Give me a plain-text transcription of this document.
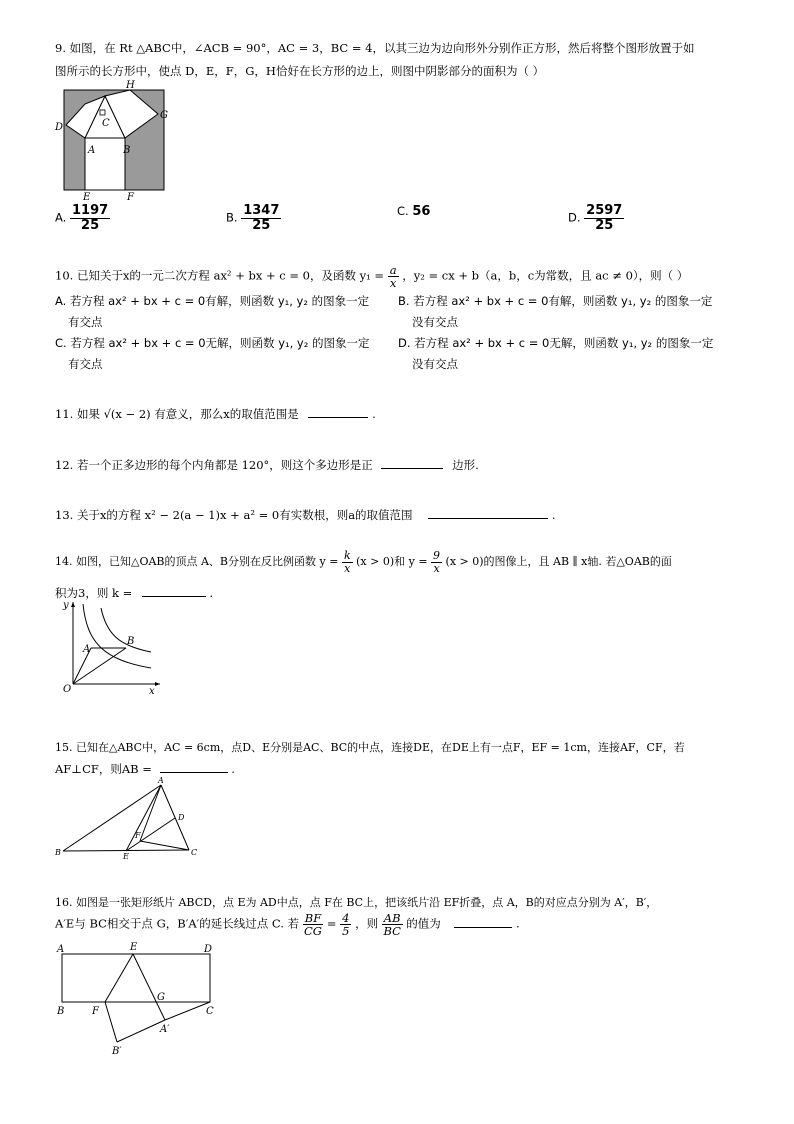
9. 如图，在 Rt △ABC中，∠ACB = 90°，AC = 3，BC = 4，以其三边为边向形外分别作正方形，然后将整个图形放置于如
图所示的长方形中，使点 D，E，F，G，H恰好在长方形的边上，则图中阴影部分的面积为（ ）
H
C
D
G
A	B
E	F
A. $\frac{1197}{25}$	B. $\frac{1347}{25}$	C. 56	D. $\frac{2597}{25}$
10. 已知关于x的一元二次方程 ax² + bx + c = 0，及函数 $y_1 = \frac{a}{x}$ ，y₂ = cx + b（a，b，c为常数，且 ac ≠ 0），则（ ）
A. 若方程 ax² + bx + c = 0有解，则函数 y₁, y₂ 的图象一定
有交点
B. 若方程 ax² + bx + c = 0有解，则函数 y₁, y₂ 的图象一定
没有交点
C. 若方程 ax² + bx + c = 0无解，则函数 y₁, y₂ 的图象一定
有交点
D. 若方程 ax² + bx + c = 0无解，则函数 y₁, y₂ 的图象一定
没有交点
11. 如果 √(x − 2) 有意义，那么x的取值范围是	.
12. 若一个正多边形的每个内角都是 120°，则这个多边形是正	边形.
13. 关于x的方程 x² − 2(a − 1)x + a² = 0有实数根，则a的取值范围	.
14. 如图，已知△OAB的顶点 A、B分别在反比例函数 $y = \frac{k}{x} (x > 0)$和 $y = \frac{9}{x} (x > 0)$的图像上，且 AB ∥ x轴. 若△OAB的面
积为3，则 k =	.
y
A
B
O	x
15. 已知在△ABC中，AC = 6cm，点D、E分别是AC、BC的中点，连接DE，在DE上有一点F，EF = 1cm，连接AF，CF，若
AF⊥CF，则AB =	.
A
D
F
B	E	C
16. 如图是一张矩形纸片 ABCD，点 E为 AD中点，点 F在 BC上，把该纸片沿 EF折叠，点 A，B的对应点分别为 A′，B′，
A′E与 BC相交于点 G，B′A′的延长线过点 C. 若 $\frac{BF}{CG} = \frac{4}{5}$ ，则 $\frac{AB}{BC}$ 的值为	.
A	E	D
G
B	F	C
A′
B′
